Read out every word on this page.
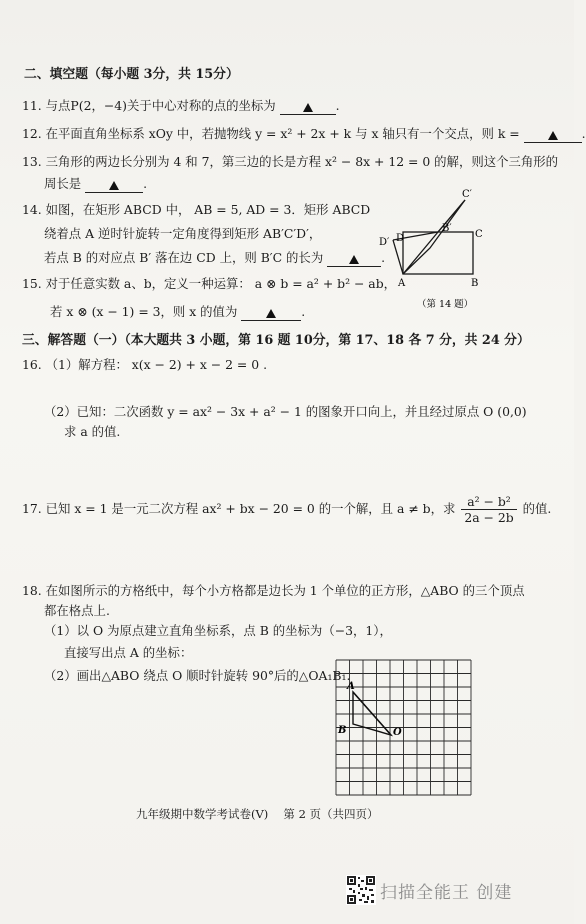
二、填空题（每小题 3分，共 15分）
11. 与点P(2，−4)关于中心对称的点的坐标为	.
12. 在平面直角坐标系 xOy 中，若抛物线 y = x² + 2x + k 与 x 轴只有一个交点，则 k =	.
13. 三角形的两边长分别为 4 和 7，第三边的长是方程 x² − 8x + 12 = 0 的解，则这个三角形的
周长是	.
14. 如图，在矩形 ABCD 中， AB = 5, AD = 3．矩形 ABCD
绕着点 A 逆时针旋转一定角度得到矩形 AB′C′D′，
若点 B 的对应点 B′ 落在边 CD 上，则 B′C 的长为	.
A	B
C
D
B′
C′
D′
（第 14 题）
15. 对于任意实数 a、b，定义一种运算： a ⊗ b = a² + b² − ab，
若 x ⊗ (x − 1) = 3，则 x 的值为	.
三、解答题（一）（本大题共 3 小题，第 16 题 10分，第 17、18 各 7 分，共 24 分）
16. （1）解方程： x(x − 2) + x − 2 = 0 .
（2）已知：二次函数 y = ax² − 3x + a² − 1 的图象开口向上，并且经过原点 O (0,0)
求 a 的值.
17. 已知 x = 1 是一元二次方程 ax² + bx − 20 = 0 的一个解，且 a ≠ b，求 $\frac{\text{a² − b²}}{2a - 2b}$ 的值.
18. 在如图所示的方格纸中，每个小方格都是边长为 1 个单位的正方形，△ABO 的三个顶点
都在格点上.
（1）以 O 为原点建立直角坐标系，点 B 的坐标为（−3，1），
直接写出点 A 的坐标：
（2）画出△ABO 绕点 O 顺时针旋转 90°后的△OA₁B₁.
A
B	O
九年级期中数学考试卷(V)　 第 2 页（共四页）
扫描全能王 创建
